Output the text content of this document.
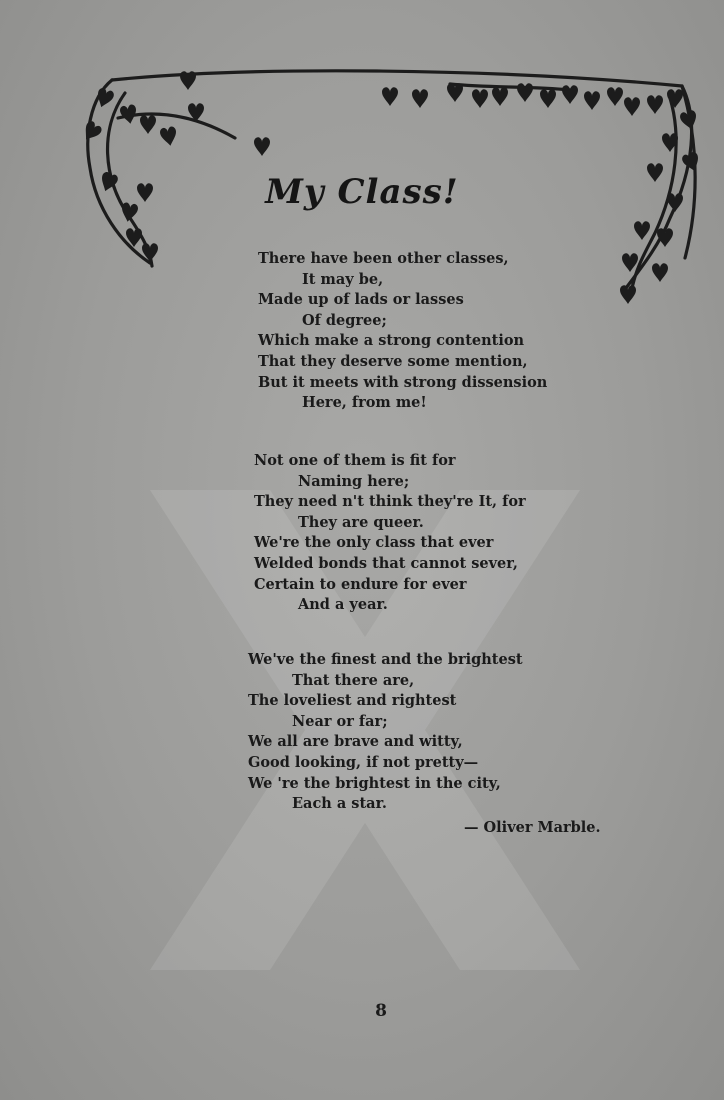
My Class!
There have been other classes,
It may be,
Made up of lads or lasses
Of degree;
Which make a strong contention
That they deserve some mention,
But it meets with strong dissension
Here, from me!
Not one of them is fit for
Naming here;
They need n't think they're It, for
They are queer.
We're the only class that ever
Welded bonds that cannot sever,
Certain to endure for ever
And a year.
We've the finest and the brightest
That there are,
The loveliest and rightest
Near or far;
We all are brave and witty,
Good looking, if not pretty—
We 're the brightest in the city,
Each a star.
— Oliver Marble.
8
